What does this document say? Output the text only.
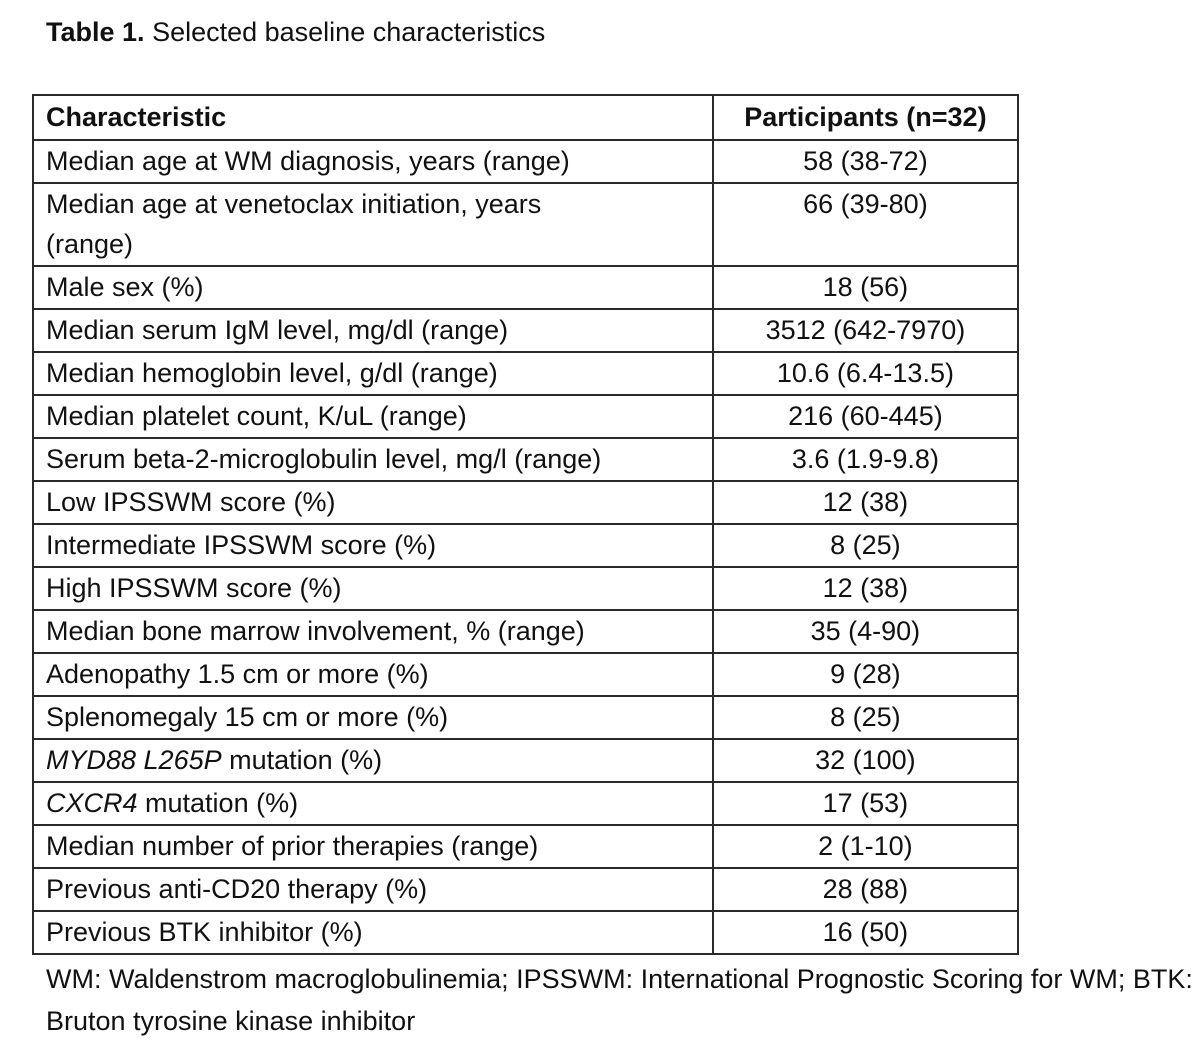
Table 1. Selected baseline characteristics
Characteristic	Participants (n=32)
Median age at WM diagnosis, years (range)	58 (38-72)
Median age at venetoclax initiation, years (range)	66 (39-80)
Male sex (%)	18 (56)
Median serum IgM level, mg/dl (range)	3512 (642-7970)
Median hemoglobin level, g/dl (range)	10.6 (6.4-13.5)
Median platelet count, K/uL (range)	216 (60-445)
Serum beta-2-microglobulin level, mg/l (range)	3.6 (1.9-9.8)
Low IPSSWM score (%)	12 (38)
Intermediate IPSSWM score (%)	8 (25)
High IPSSWM score (%)	12 (38)
Median bone marrow involvement, % (range)	35 (4-90)
Adenopathy 1.5 cm or more (%)	9 (28)
Splenomegaly 15 cm or more (%)	8 (25)
MYD88 L265P mutation (%)	32 (100)
CXCR4 mutation (%)	17 (53)
Median number of prior therapies (range)	2 (1-10)
Previous anti-CD20 therapy (%)	28 (88)
Previous BTK inhibitor (%)	16 (50)
WM: Waldenstrom macroglobulinemia; IPSSWM: International Prognostic Scoring for WM; BTK: Bruton tyrosine kinase inhibitor
